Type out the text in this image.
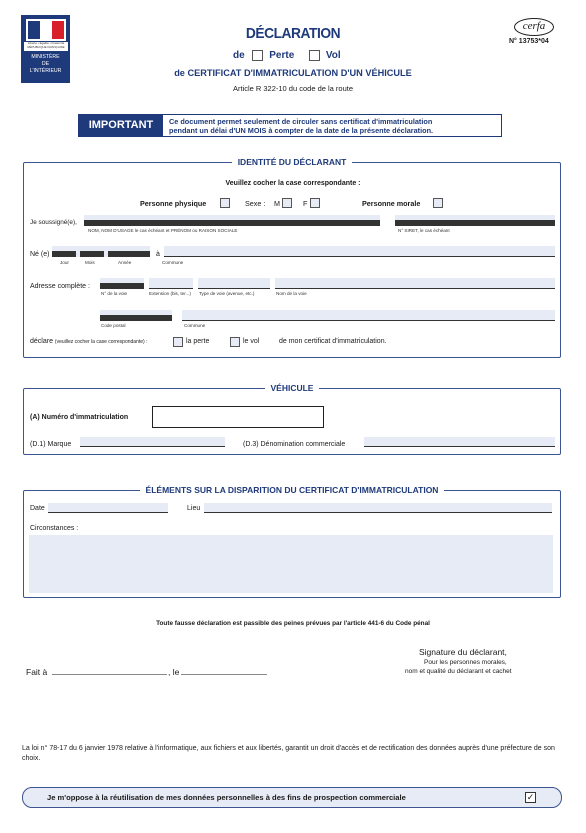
Liberté • Égalité • Fraternité
RÉPUBLIQUE FRANÇAISE
MINISTÈRE
DE
L'INTÉRIEUR
DÉCLARATION
de Perte	Vol
de CERTIFICAT D'IMMATRICULATION D'UN VÉHICULE
Article R 322-10 du code de la route
cerfa
N° 13753*04
IMPORTANT	Ce document permet seulement de circuler sans certificat d'immatriculation
pendant un délai d'UN MOIS à compter de la date de la présente déclaration.
IDENTITÉ DU DÉCLARANT
Veuillez cocher la case correspondante :
Personne physique	Sexe : M	F	Personne morale
Je soussigné(e),
NOM, NOM D'USAGE le cas échéant et PRÉNOM ou RAISON SOCIALE	N° SIRET, le cas échéant
Né (e)
Jour	Mois	Année
à
Commune
Adresse complète :
N° de la voie	Extension (bis, ter...) Type de voie (avenue, etc.)	Nom de la voie
Code postal	Commune
déclare (veuillez cocher la case correspondante) :	la perte	le vol	de mon certificat d'immatriculation.
VÉHICULE
(A) Numéro d'immatriculation
(D.1) Marque	(D.3) Dénomination commerciale
ÉLÉMENTS SUR LA DISPARITION DU CERTIFICAT D'IMMATRICULATION
Date	Lieu
Circonstances :
Toute fausse déclaration est passible des peines prévues par l'article 441-6 du Code pénal
Fait à	, le
Signature du déclarant,
Pour les personnes morales,
nom et qualité du déclarant et cachet
La loi n° 78-17 du 6 janvier 1978 relative à l'informatique, aux fichiers et aux libertés, garantit un droit d'accès et de rectification des données auprès d'une préfecture de son choix.
Je m'oppose à la réutilisation de mes données personnelles à des fins de prospection commerciale	✓
